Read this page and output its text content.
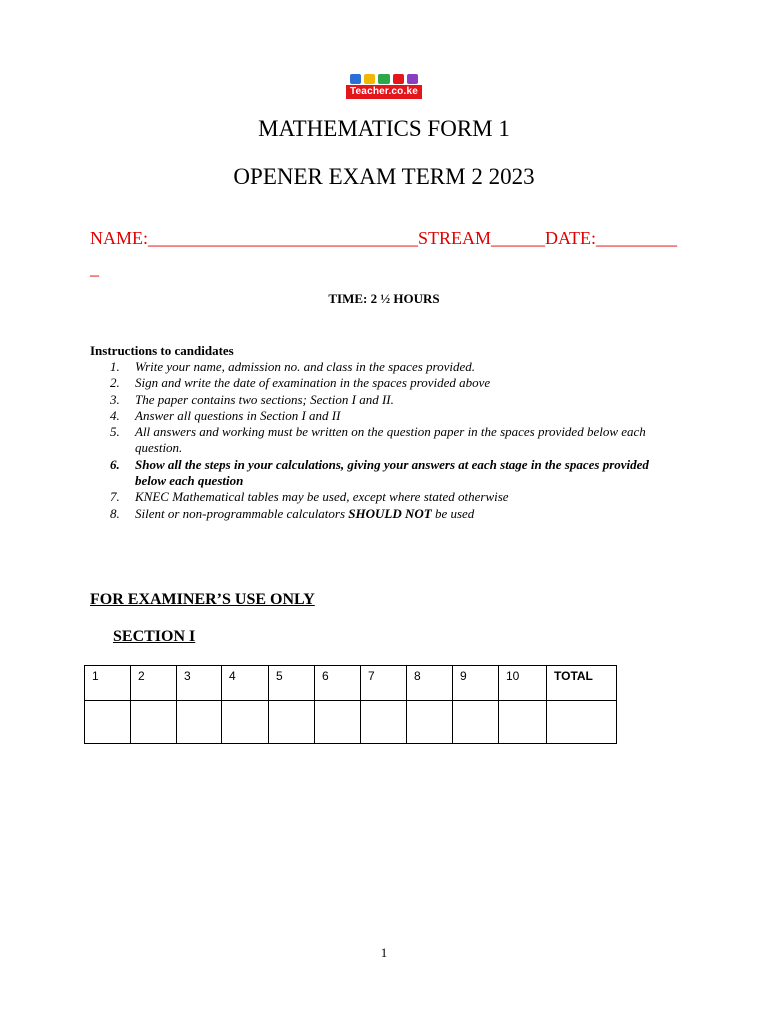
Teacher.co.ke
MATHEMATICS FORM 1
OPENER EXAM TERM 2 2023
NAME:______________________________STREAM______DATE:_________
_
TIME: 2 ½ HOURS
Instructions to candidates
1. Write your name, admission no. and class in the spaces provided.
2. Sign and write the date of examination in the spaces provided above
3. The paper contains two sections; Section I and II.
4. Answer all questions in Section I and II
5. All answers and working must be written on the question paper in the spaces provided below each question.
6. Show all the steps in your calculations, giving your answers at each stage in the spaces provided below each question
7. KNEC Mathematical tables may be used, except where stated otherwise
8. Silent or non-programmable calculators SHOULD NOT be used
FOR EXAMINER’S USE ONLY
SECTION I
1	2	3	4	5	6	7	8	9	10	TOTAL

1
